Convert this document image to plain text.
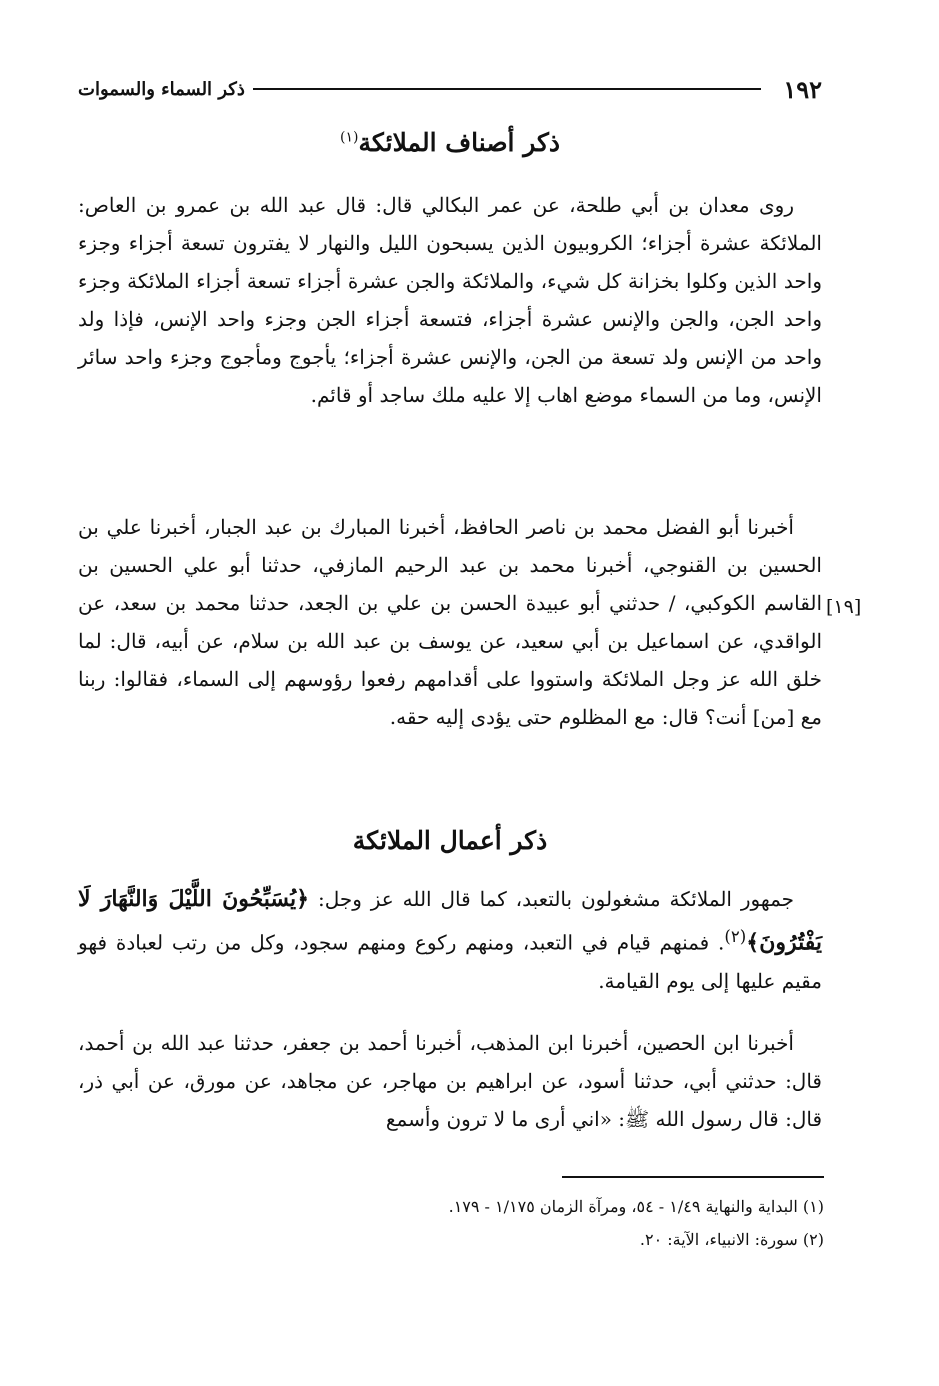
١٩٢
ذكر السماء والسموات
ذكر أصناف الملائكة$^{(١)}$

روى معدان بن أبي طلحة، عن عمر البكالي قال: قال عبد الله بن عمرو بن العاص: الملائكة عشرة أجزاء؛ الكروبيون الذين يسبحون الليل والنهار لا يفترون تسعة أجزاء وجزء واحد الذين وكلوا بخزانة كل شيء، والملائكة والجن عشرة أجزاء تسعة أجزاء الملائكة وجزء واحد الجن، والجن والإنس عشرة أجزاء، فتسعة أجزاء الجن وجزء واحد الإنس، فإذا ولد واحد من الإنس ولد تسعة من الجن، والإنس عشرة أجزاء؛ يأجوج ومأجوج وجزء واحد سائر الإنس، وما من السماء موضع اهاب إلا عليه ملك ساجد أو قائم.

أخبرنا أبو الفضل محمد بن ناصر الحافظ، أخبرنا المبارك بن عبد الجبار، أخبرنا علي بن الحسين بن القنوجي، أخبرنا محمد بن عبد الرحيم المازفي، حدثنا أبو علي الحسين بن القاسم الكوكبي، / حدثني أبو عبيدة الحسن بن علي بن الجعد، حدثنا محمد بن سعد، عن الواقدي، عن اسماعيل بن أبي سعيد، عن يوسف بن عبد الله بن سلام، عن أبيه، قال: لما خلق الله عز وجل الملائكة واستووا على أقدامهم رفعوا رؤوسهم إلى السماء، فقالوا: ربنا مع [من] أنت؟ قال: مع المظلوم حتى يؤدى إليه حقه.

[١٩]
ذكر أعمال الملائكة

جمهور الملائكة مشغولون بالتعبد، كما قال الله عز وجل: ﴿يُسَبِّحُونَ اللَّيْلَ وَالنَّهَارَ لَا يَفْتُرُونَ﴾$^{(٢)}$. فمنهم قيام في التعبد، ومنهم ركوع ومنهم سجود، وكل من رتب لعبادة فهو مقيم عليها إلى يوم القيامة.

أخبرنا ابن الحصين، أخبرنا ابن المذهب، أخبرنا أحمد بن جعفر، حدثنا عبد الله بن أحمد، قال: حدثني أبي، حدثنا أسود، عن ابراهيم بن مهاجر، عن مجاهد، عن مورق، عن أبي ذر، قال: قال رسول الله ﷺ: «اني أرى ما لا ترون وأسمع

(١) البداية والنهاية ١/٤٩ - ٥٤، ومرآة الزمان ١/١٧٥ - ١٧٩.
(٢) سورة: الانبياء، الآية: ٢٠.
